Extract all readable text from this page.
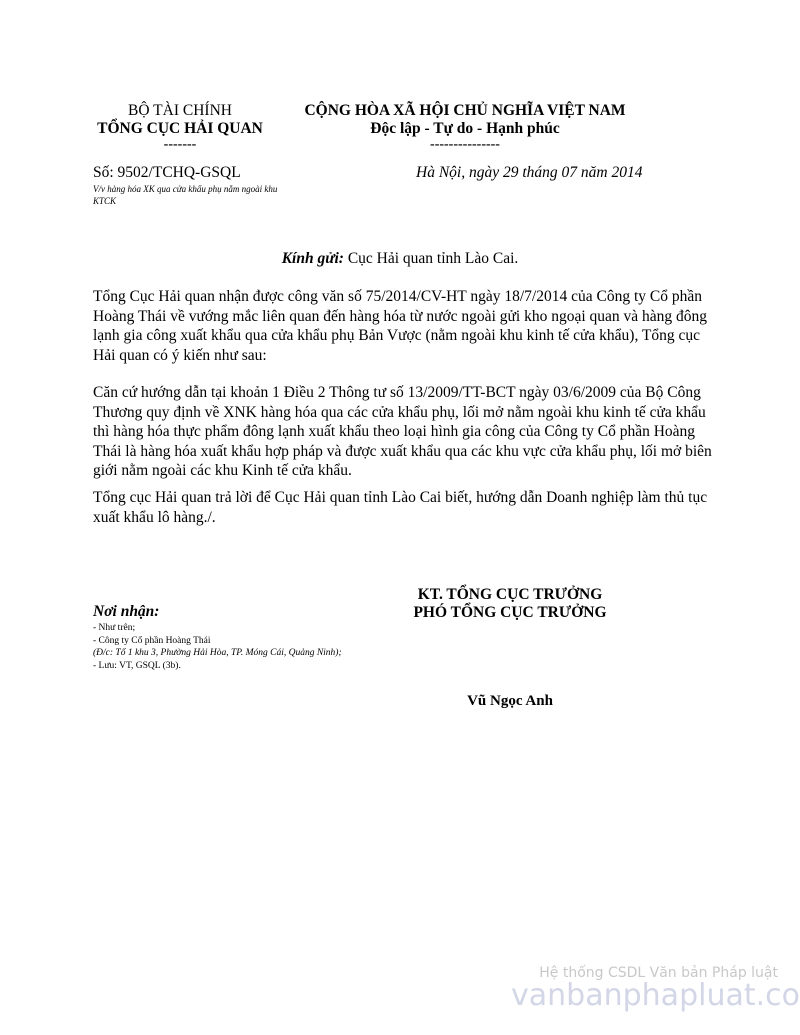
BỘ TÀI CHÍNH
TỔNG CỤC HẢI QUAN
-------
CỘNG HÒA XÃ HỘI CHỦ NGHĨA VIỆT NAM
Độc lập - Tự do - Hạnh phúc
---------------
Số: 9502/TCHQ-GSQL
V/v hàng hóa XK qua cửa khẩu phụ nằm ngoài khu KTCK
Hà Nội, ngày 29 tháng 07 năm 2014
Kính gửi: Cục Hải quan tỉnh Lào Cai.
Tổng Cục Hải quan nhận được công văn số 75/2014/CV-HT ngày 18/7/2014 của Công ty Cổ phần Hoàng Thái về vướng mắc liên quan đến hàng hóa từ nước ngoài gửi kho ngoại quan và hàng đông lạnh gia công xuất khẩu qua cửa khẩu phụ Bản Vược (nằm ngoài khu kinh tế cửa khẩu), Tổng cục Hải quan có ý kiến như sau:
Căn cứ hướng dẫn tại khoản 1 Điều 2 Thông tư số 13/2009/TT-BCT ngày 03/6/2009 của Bộ Công Thương quy định về XNK hàng hóa qua các cửa khẩu phụ, lối mở nằm ngoài khu kinh tế cửa khẩu thì hàng hóa thực phẩm đông lạnh xuất khẩu theo loại hình gia công của Công ty Cổ phần Hoàng Thái là hàng hóa xuất khẩu hợp pháp và được xuất khẩu qua các khu vực cửa khẩu phụ, lối mở biên giới nằm ngoài các khu Kinh tế cửa khẩu.
Tổng cục Hải quan trả lời để Cục Hải quan tỉnh Lào Cai biết, hướng dẫn Doanh nghiệp làm thủ tục xuất khẩu lô hàng./.
KT. TỔNG CỤC TRƯỞNG
PHÓ TỔNG CỤC TRƯỞNG
Vũ Ngọc Anh
Nơi nhận:
- Như trên;
- Công ty Cổ phần Hoàng Thái
(Đ/c: Tổ 1 khu 3, Phường Hải Hòa, TP. Móng Cái, Quảng Ninh);
- Lưu: VT, GSQL (3b).
Hệ thống CSDL Văn bản Pháp luật
vanbanphapluat.co
